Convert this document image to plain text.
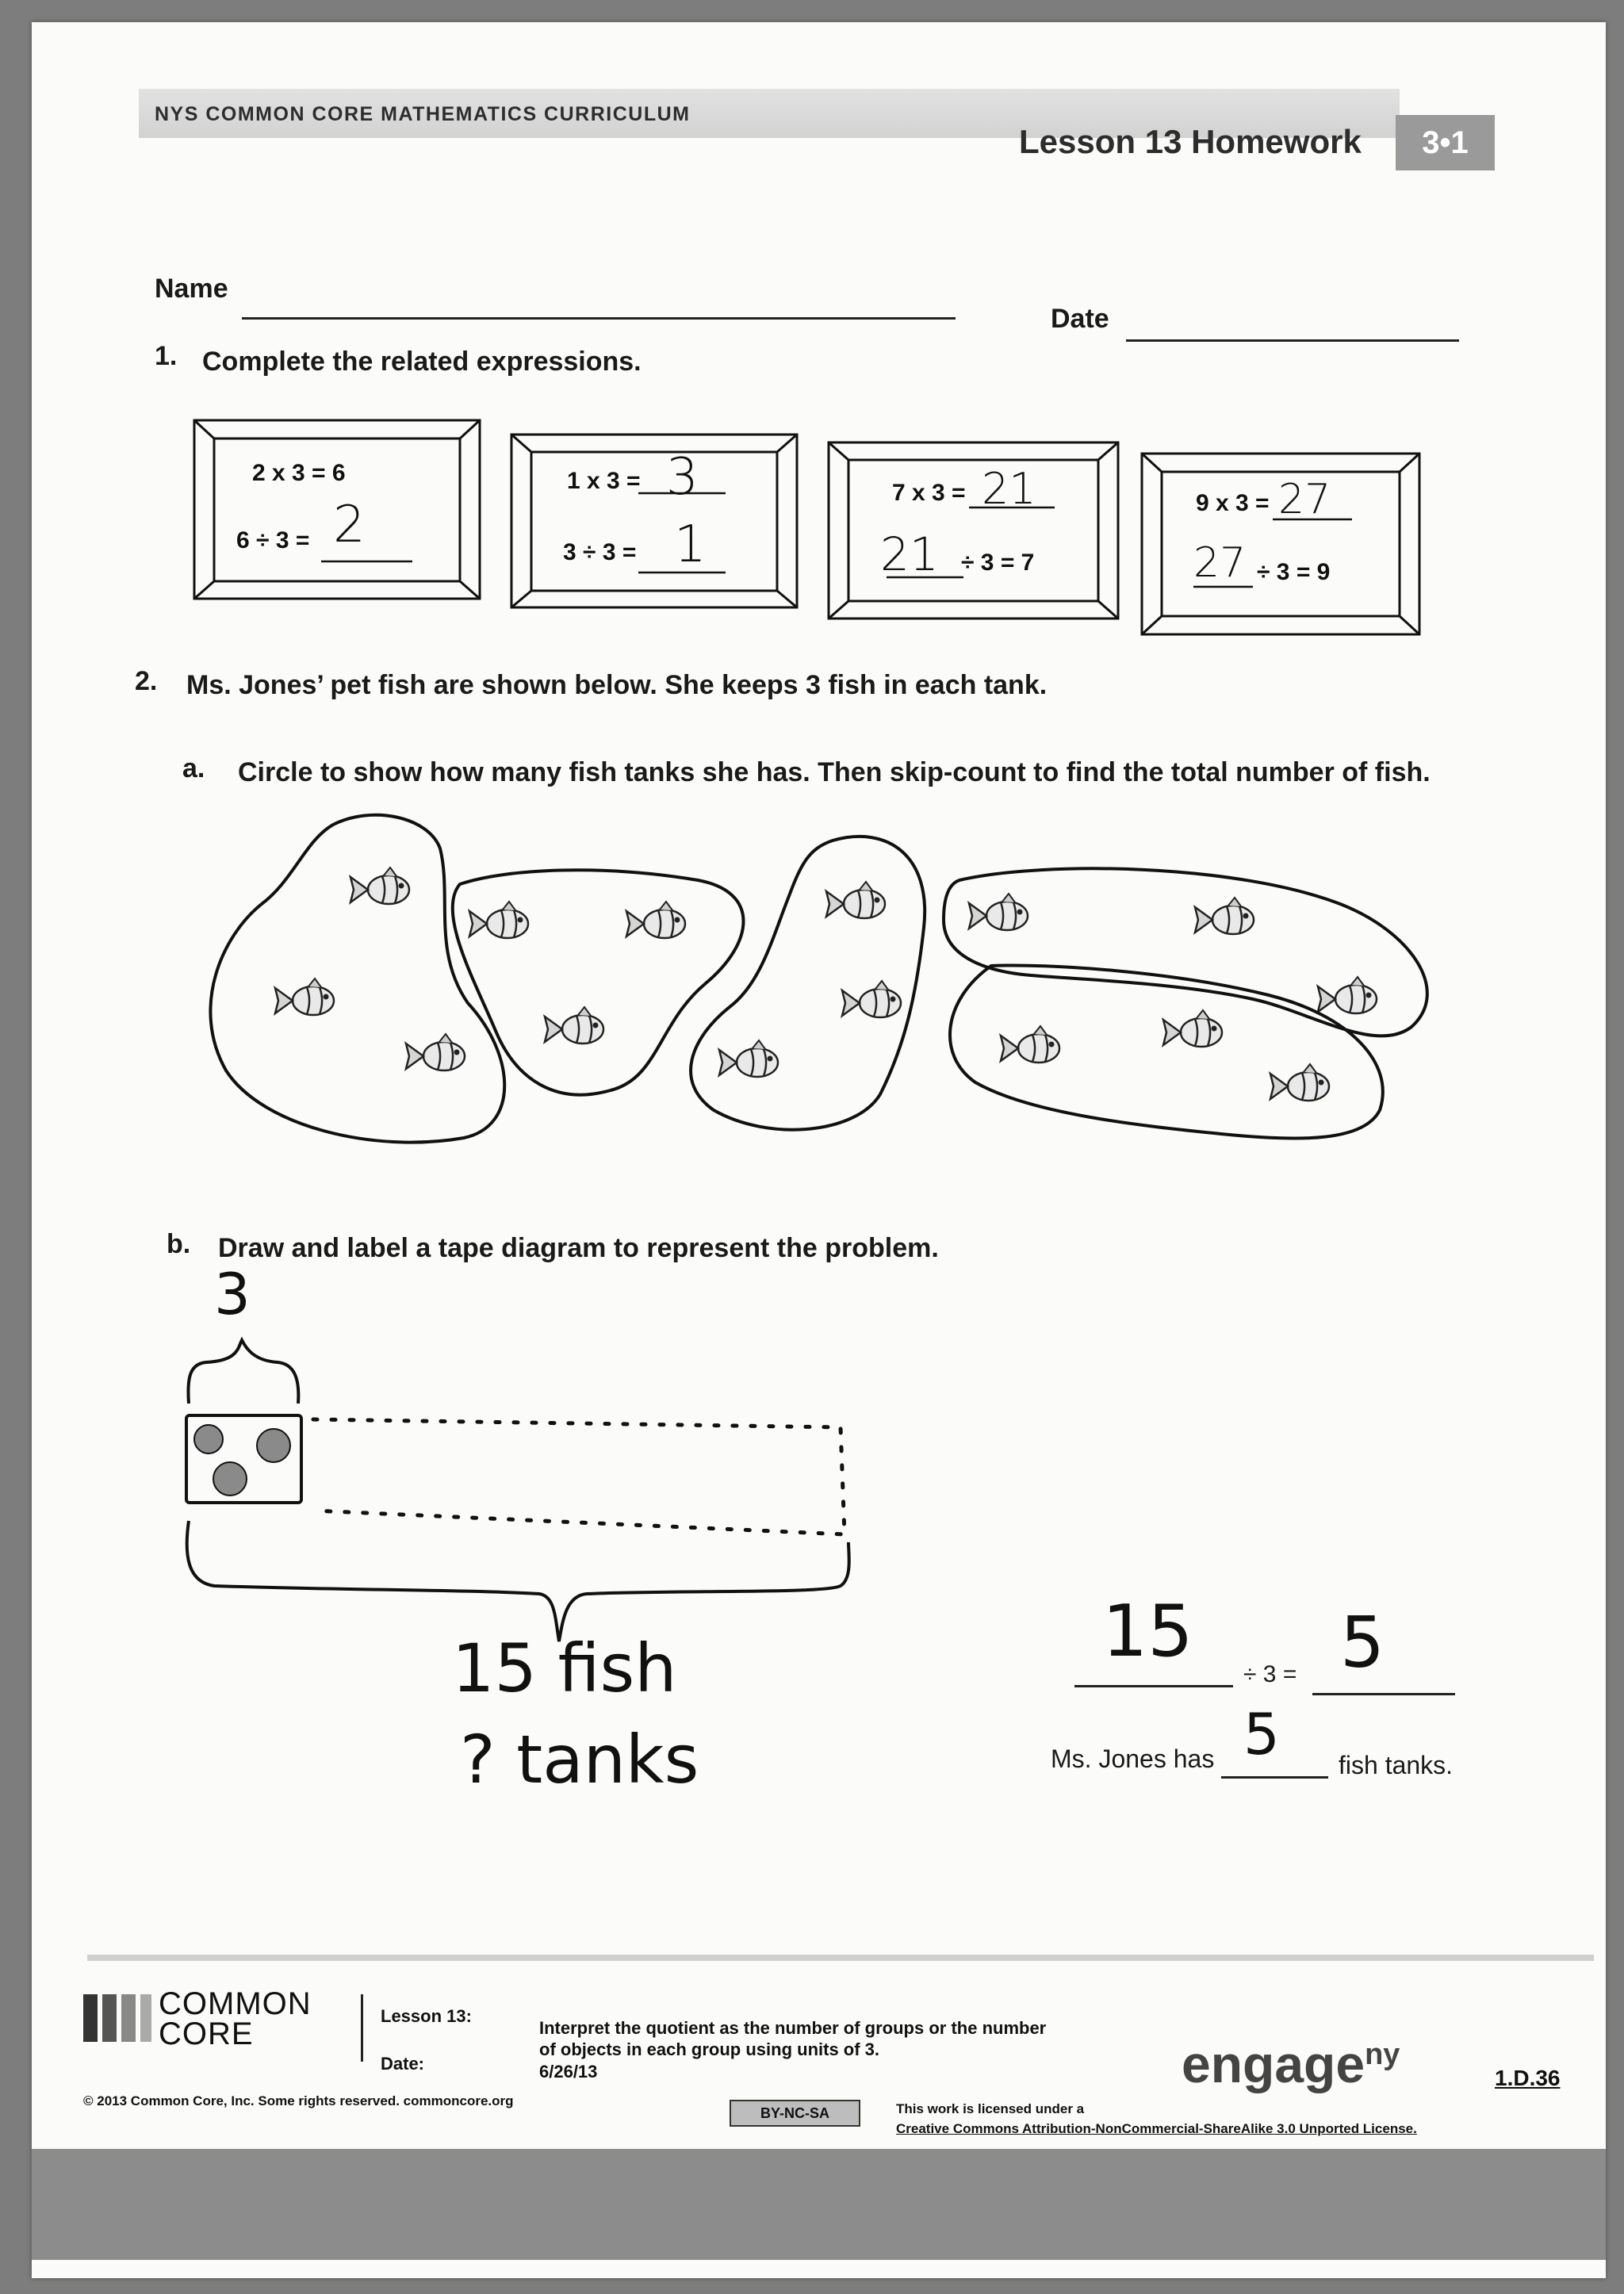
NYS COMMON CORE MATHEMATICS CURRICULUM
Lesson 13 Homework	3•1
Name
Date
1. Complete the related expressions.
2 x 3 = 6
6 ÷ 3 = 2
1 x 3 = 3
3 ÷ 3 = 1
7 x 3 = 21
21 ÷ 3 = 7
9 x 3 = 27
27 ÷ 3 = 9
2. Ms. Jones’ pet fish are shown below. She keeps 3 fish in each tank.
a. Circle to show how many fish tanks she has. Then skip-count to find the total number of fish.
b. Draw and label a tape diagram to represent the problem.
3
15 fish
? tanks
15
÷ 3 = 5
Ms. Jones has 5 fish tanks.
COMMON
CORE
Lesson 13:
Date:
Interpret the quotient as the number of groups or the number
of objects in each group using units of 3.
6/26/13	engage$^{ny}$
1.D.36
© 2013 Common Core, Inc. Some rights reserved. commoncore.org
BY-NC-SA	This work is licensed under a
Creative Commons Attribution-NonCommercial-ShareAlike 3.0 Unported License.
